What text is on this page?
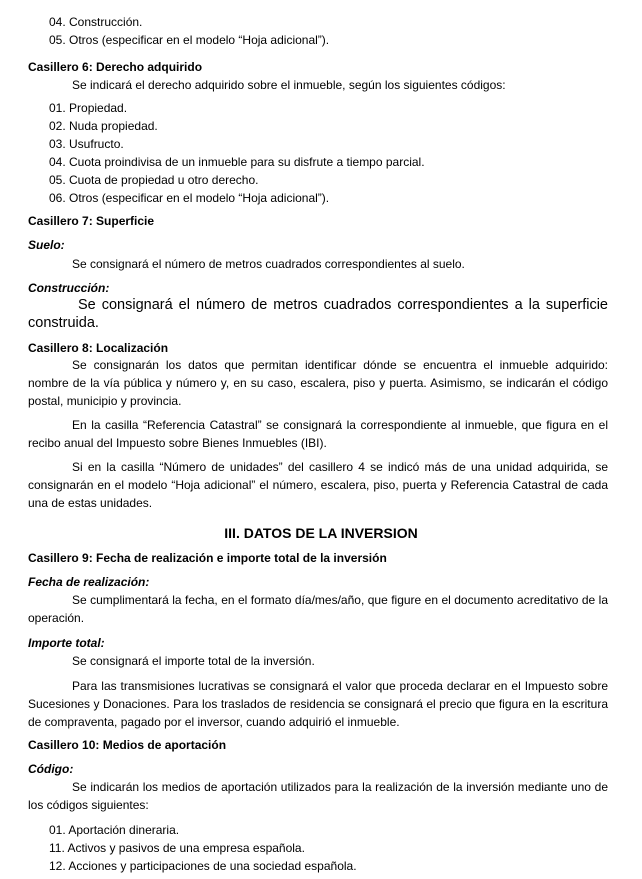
04. Construcción.
05. Otros (especificar en el modelo “Hoja adicional”).
Casillero 6: Derecho adquirido
Se indicará el derecho adquirido sobre el inmueble, según los siguientes códigos:
01. Propiedad.
02. Nuda propiedad.
03. Usufructo.
04. Cuota proindivisa de un inmueble para su disfrute a tiempo parcial.
05. Cuota de propiedad u otro derecho.
06. Otros (especificar en el modelo “Hoja adicional”).
Casillero 7: Superficie
Suelo:
Se consignará el número de metros cuadrados correspondientes al suelo.
Construcción:
Se consignará el número de metros cuadrados correspondientes a la superficie construida.
Casillero 8: Localización
Se consignarán los datos que permitan identificar dónde se encuentra el inmueble adquirido: nombre de la vía pública y número y, en su caso, escalera, piso y puerta. Asimismo, se indicarán el código postal, municipio y provincia.
En la casilla “Referencia Catastral” se consignará la correspondiente al inmueble, que figura en el recibo anual del Impuesto sobre Bienes Inmuebles (IBI).
Si en la casilla “Número de unidades” del casillero 4 se indicó más de una unidad adquirida, se consignarán en el modelo “Hoja adicional” el número, escalera, piso, puerta y Referencia Catastral de cada una de estas unidades.
III. DATOS DE LA INVERSION
Casillero 9: Fecha de realización e importe total de la inversión
Fecha de realización:
Se cumplimentará la fecha, en el formato día/mes/año, que figure en el documento acreditativo de la operación.
Importe total:
Se consignará el importe total de la inversión.
Para las transmisiones lucrativas se consignará el valor que proceda declarar en el Impuesto sobre Sucesiones y Donaciones. Para los traslados de residencia se consignará el precio que figura en la escritura de compraventa, pagado por el inversor, cuando adquirió el inmueble.
Casillero 10: Medios de aportación
Código:
Se indicarán los medios de aportación utilizados para la realización de la inversión mediante uno de los códigos siguientes:
01. Aportación dineraria.
11. Activos y pasivos de una empresa española.
12. Acciones y participaciones de una sociedad española.
